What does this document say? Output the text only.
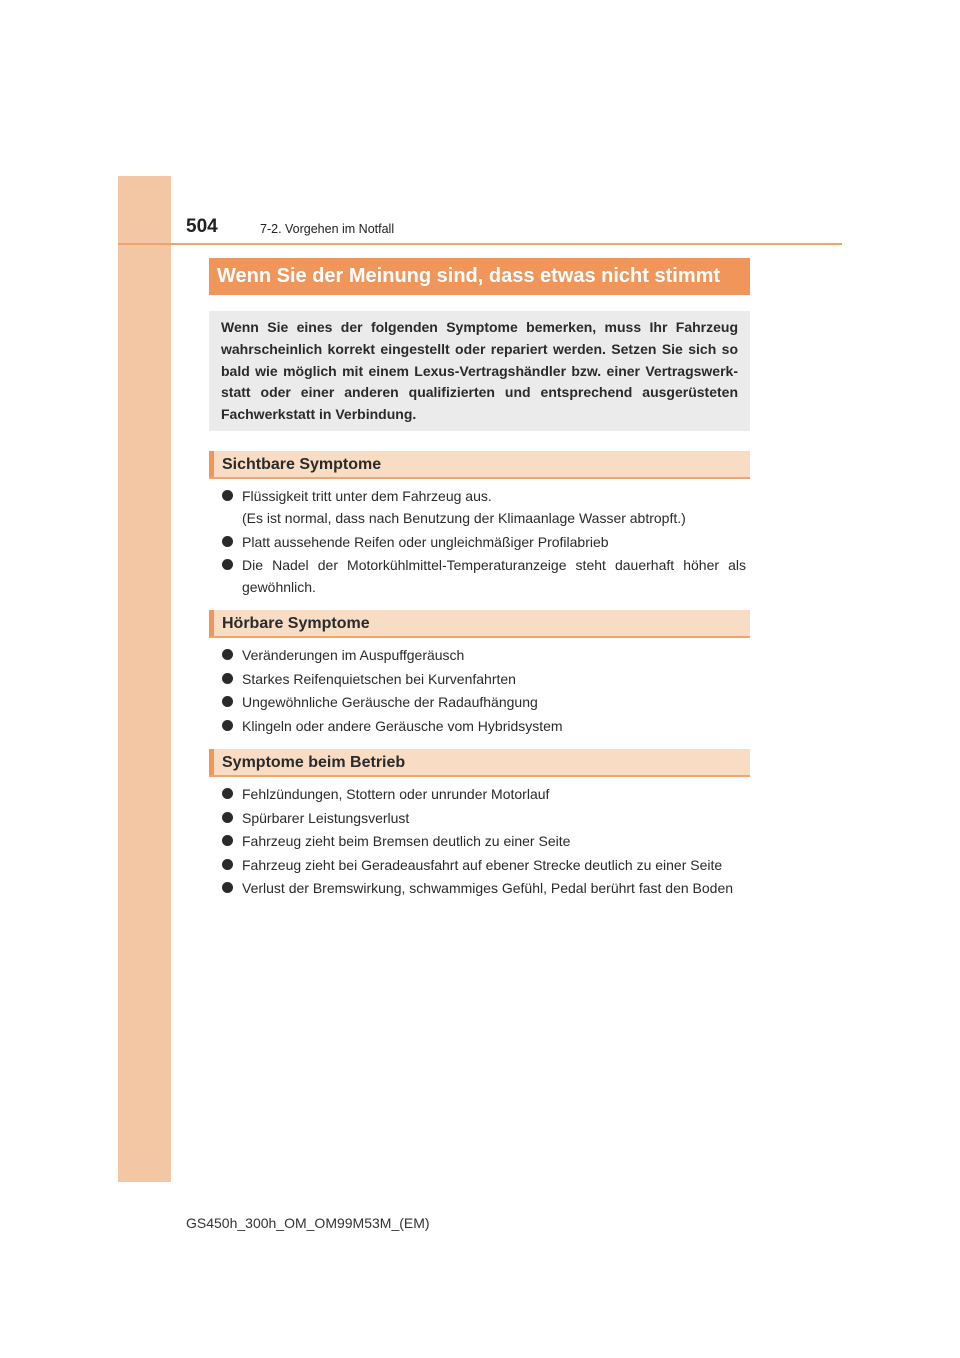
504	7-2. Vorgehen im Notfall
Wenn Sie der Meinung sind, dass etwas nicht stimmt
Wenn Sie eines der folgenden Symptome bemerken, muss Ihr Fahrzeug wahrscheinlich korrekt eingestellt oder repariert werden. Setzen Sie sich so bald wie möglich mit einem Lexus-Vertragshändler bzw. einer Vertragswerkstatt oder einer anderen qualifizierten und entsprechend ausgerüsteten Fachwerkstatt in Verbindung.
Sichtbare Symptome
Flüssigkeit tritt unter dem Fahrzeug aus.
(Es ist normal, dass nach Benutzung der Klimaanlage Wasser abtropft.)
Platt aussehende Reifen oder ungleichmäßiger Profilabrieb
Die Nadel der Motorkühlmittel-Temperaturanzeige steht dauerhaft höher als gewöhnlich.
Hörbare Symptome
Veränderungen im Auspuffgeräusch
Starkes Reifenquietschen bei Kurvenfahrten
Ungewöhnliche Geräusche der Radaufhängung
Klingeln oder andere Geräusche vom Hybridsystem
Symptome beim Betrieb
Fehlzündungen, Stottern oder unrunder Motorlauf
Spürbarer Leistungsverlust
Fahrzeug zieht beim Bremsen deutlich zu einer Seite
Fahrzeug zieht bei Geradeausfahrt auf ebener Strecke deutlich zu einer Seite
Verlust der Bremswirkung, schwammiges Gefühl, Pedal berührt fast den Boden
GS450h_300h_OM_OM99M53M_(EM)
